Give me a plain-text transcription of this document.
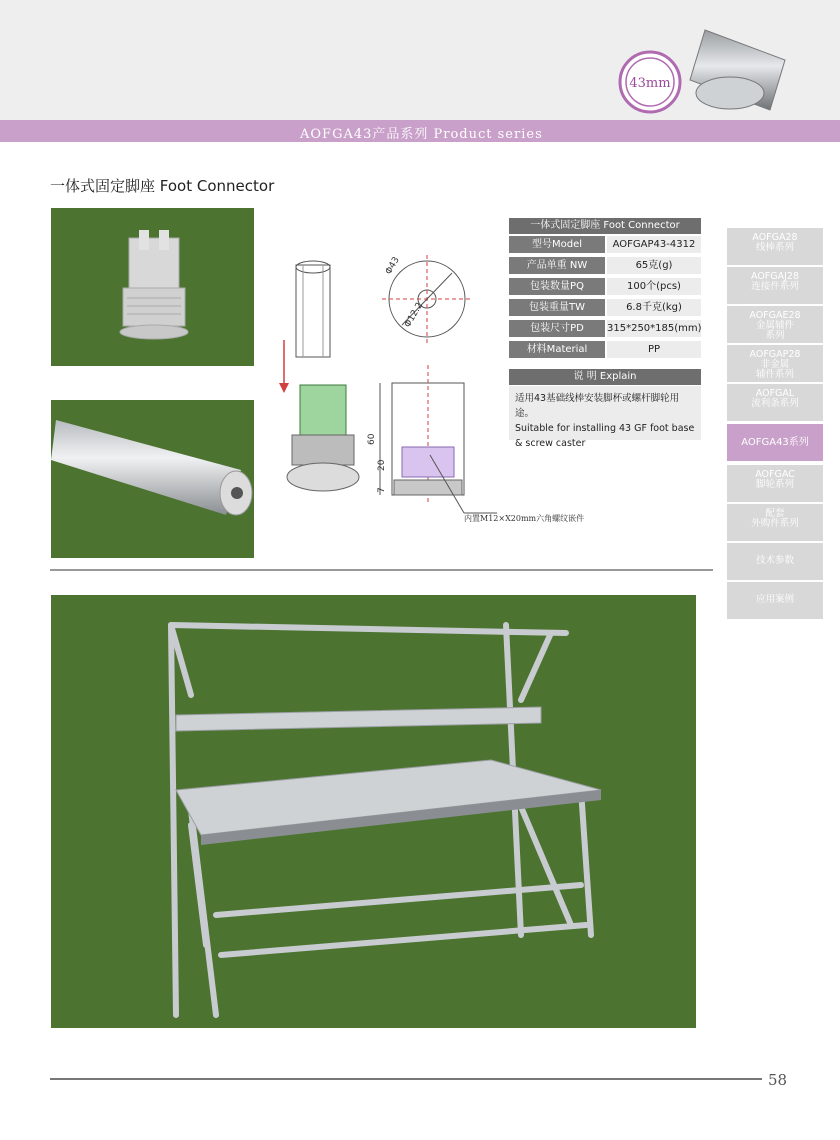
43mm
AOFGA43产品系列 Product series
一体式固定脚座 Foot Connector
Φ43
Φ12.2
60
20
7
内置M12×X20mm六角螺纹嵌件
一体式固定脚座 Foot Connector
型号Model	AOFGAP43-4312
产品单重 NW	65克(g)
包装数量PQ	100个(pcs)
包装重量TW	6.8千克(kg)
包装尺寸PD	315*250*185(mm)
材料Material	PP
说 明 Explain
适用43基础线棒安装脚杯或螺杆脚轮用途。
Suitable for installing 43 GF foot base
& screw caster
AOFGA28
线棒系列
AOFGAJ28
连接件系列
AOFGAE28
金属辅件
系列
AOFGAP28
非金属
辅件系列
AOFGAL
流利条系列
AOFGA43系列
AOFGAC
脚轮系列
配套
外购件系列
技术参数
应用案例
58
